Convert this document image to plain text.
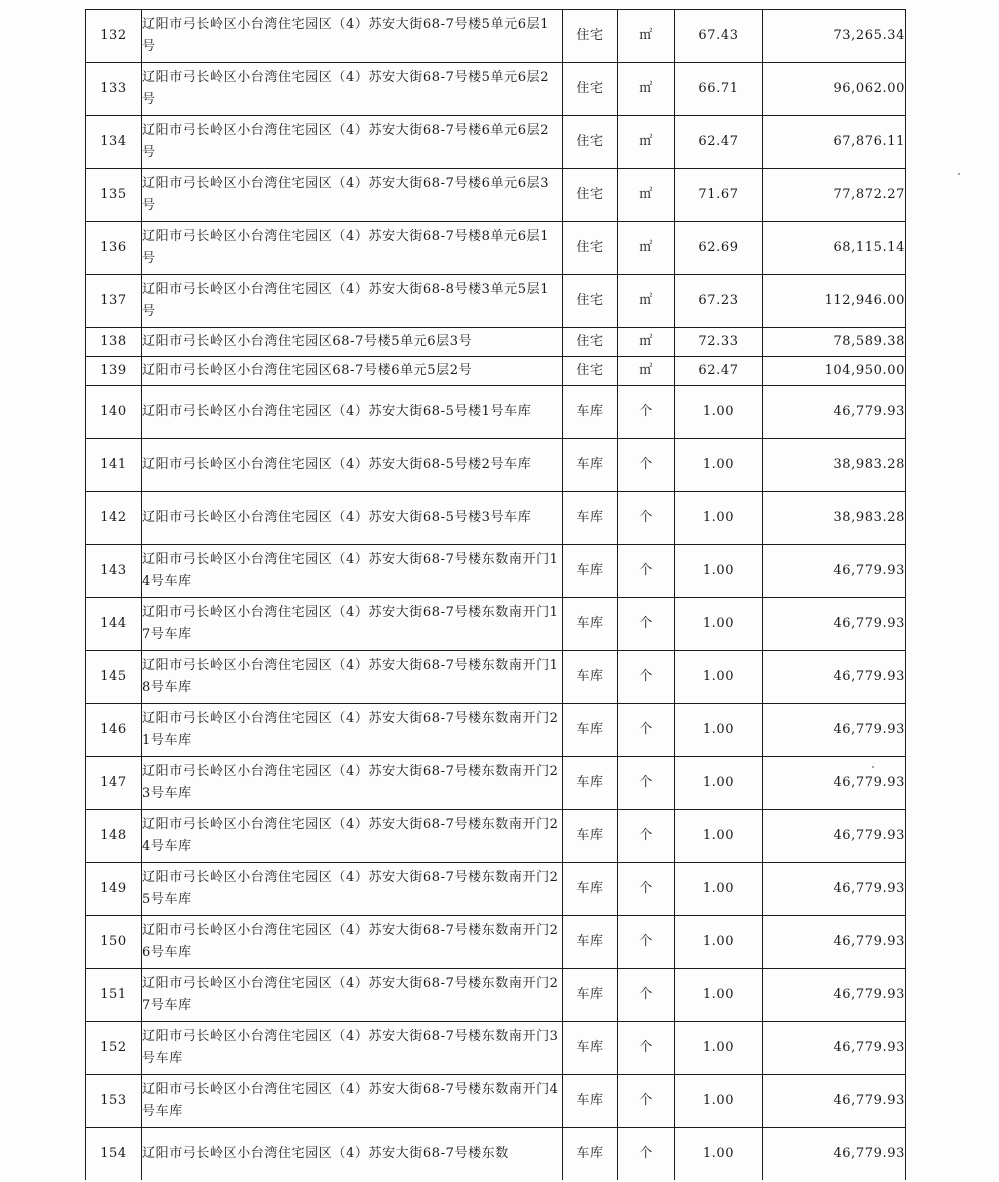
132	辽阳市弓长岭区小台湾住宅园区（4）苏安大街68-7号楼5单元6层1号	住宅	㎡	67.43	73,265.34
133	辽阳市弓长岭区小台湾住宅园区（4）苏安大街68-7号楼5单元6层2号	住宅	㎡	66.71	96,062.00
134	辽阳市弓长岭区小台湾住宅园区（4）苏安大街68-7号楼6单元6层2号	住宅	㎡	62.47	67,876.11
135	辽阳市弓长岭区小台湾住宅园区（4）苏安大街68-7号楼6单元6层3号	住宅	㎡	71.67	77,872.27
136	辽阳市弓长岭区小台湾住宅园区（4）苏安大街68-7号楼8单元6层1号	住宅	㎡	62.69	68,115.14
137	辽阳市弓长岭区小台湾住宅园区（4）苏安大街68-8号楼3单元5层1号	住宅	㎡	67.23	112,946.00
138	辽阳市弓长岭区小台湾住宅园区68-7号楼5单元6层3号	住宅	㎡	72.33	78,589.38
139	辽阳市弓长岭区小台湾住宅园区68-7号楼6单元5层2号	住宅	㎡	62.47	104,950.00
140	辽阳市弓长岭区小台湾住宅园区（4）苏安大街68-5号楼1号车库	车库	个	1.00	46,779.93
141	辽阳市弓长岭区小台湾住宅园区（4）苏安大街68-5号楼2号车库	车库	个	1.00	38,983.28
142	辽阳市弓长岭区小台湾住宅园区（4）苏安大街68-5号楼3号车库	车库	个	1.00	38,983.28
143	辽阳市弓长岭区小台湾住宅园区（4）苏安大街68-7号楼东数南开门14号车库	车库	个	1.00	46,779.93
144	辽阳市弓长岭区小台湾住宅园区（4）苏安大街68-7号楼东数南开门17号车库	车库	个	1.00	46,779.93
145	辽阳市弓长岭区小台湾住宅园区（4）苏安大街68-7号楼东数南开门18号车库	车库	个	1.00	46,779.93
146	辽阳市弓长岭区小台湾住宅园区（4）苏安大街68-7号楼东数南开门21号车库	车库	个	1.00	46,779.93
147	辽阳市弓长岭区小台湾住宅园区（4）苏安大街68-7号楼东数南开门23号车库	车库	个	1.00	46,779.93
148	辽阳市弓长岭区小台湾住宅园区（4）苏安大街68-7号楼东数南开门24号车库	车库	个	1.00	46,779.93
149	辽阳市弓长岭区小台湾住宅园区（4）苏安大街68-7号楼东数南开门25号车库	车库	个	1.00	46,779.93
150	辽阳市弓长岭区小台湾住宅园区（4）苏安大街68-7号楼东数南开门26号车库	车库	个	1.00	46,779.93
151	辽阳市弓长岭区小台湾住宅园区（4）苏安大街68-7号楼东数南开门27号车库	车库	个	1.00	46,779.93
152	辽阳市弓长岭区小台湾住宅园区（4）苏安大街68-7号楼东数南开门3号车库	车库	个	1.00	46,779.93
153	辽阳市弓长岭区小台湾住宅园区（4）苏安大街68-7号楼东数南开门4号车库	车库	个	1.00	46,779.93
154	辽阳市弓长岭区小台湾住宅园区（4）苏安大街68-7号楼东数	车库	个	1.00	46,779.93
